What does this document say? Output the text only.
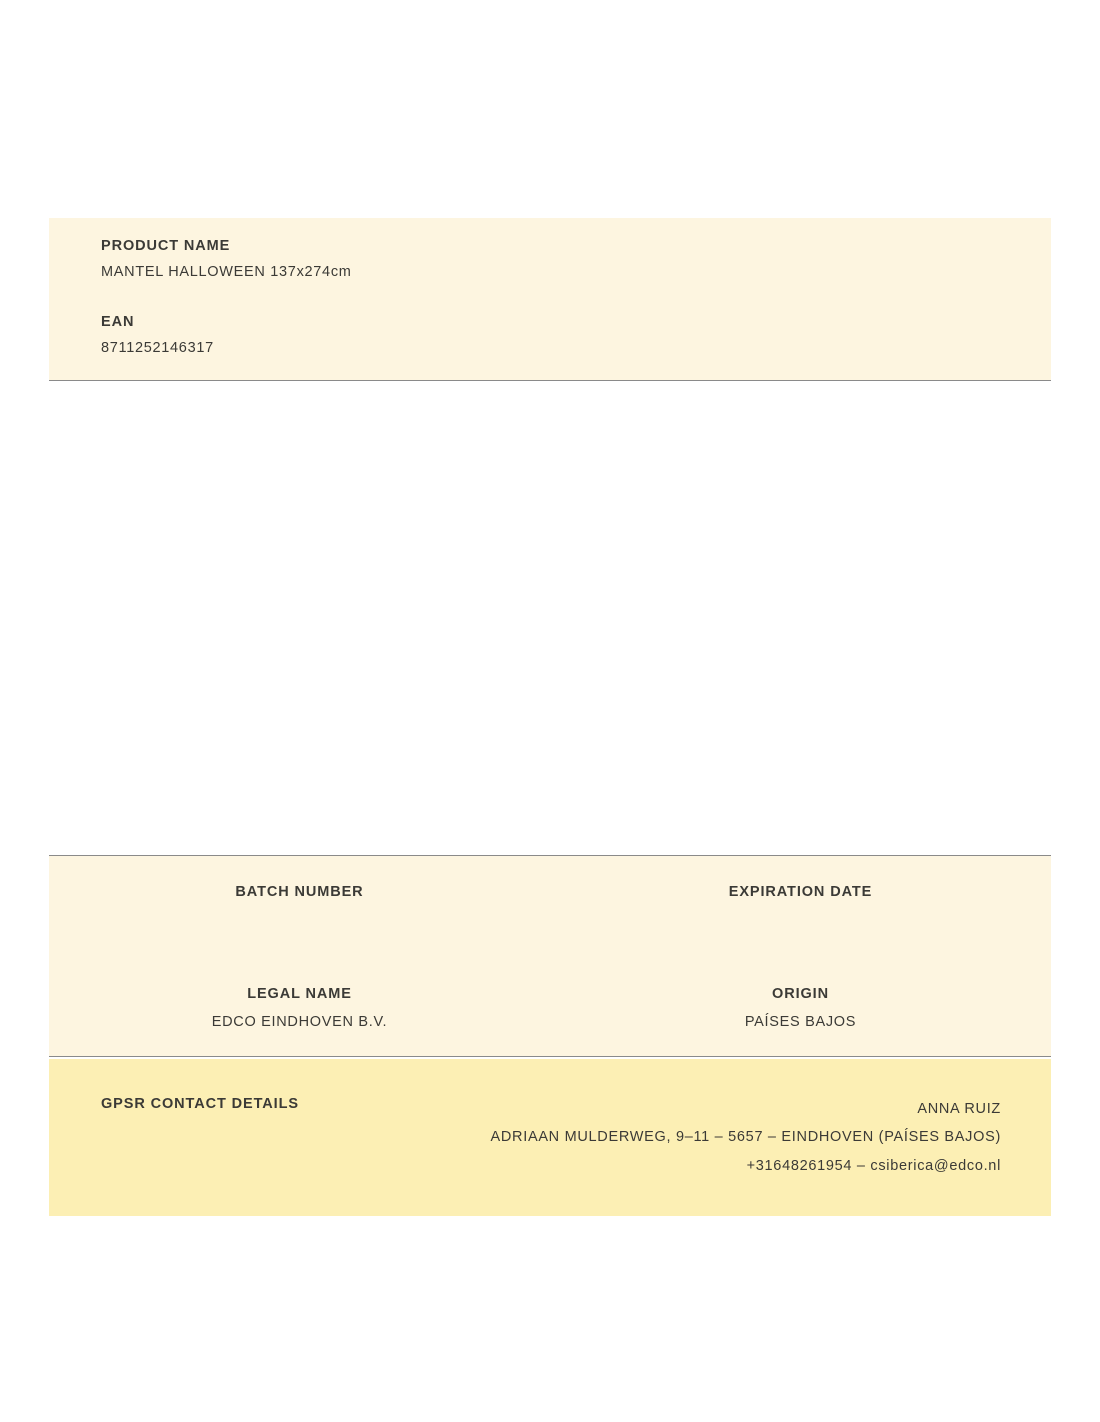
PRODUCT NAME
MANTEL HALLOWEEN 137x274cm
EAN
8711252146317
BATCH NUMBER	EXPIRATION DATE
LEGAL NAME
EDCO EINDHOVEN B.V.
ORIGIN
PAÍSES BAJOS
GPSR CONTACT DETAILS	ANNA RUIZ
ADRIAAN MULDERWEG, 9–11 – 5657 – EINDHOVEN (PAÍSES BAJOS)
+31648261954 – csiberica@edco.nl
